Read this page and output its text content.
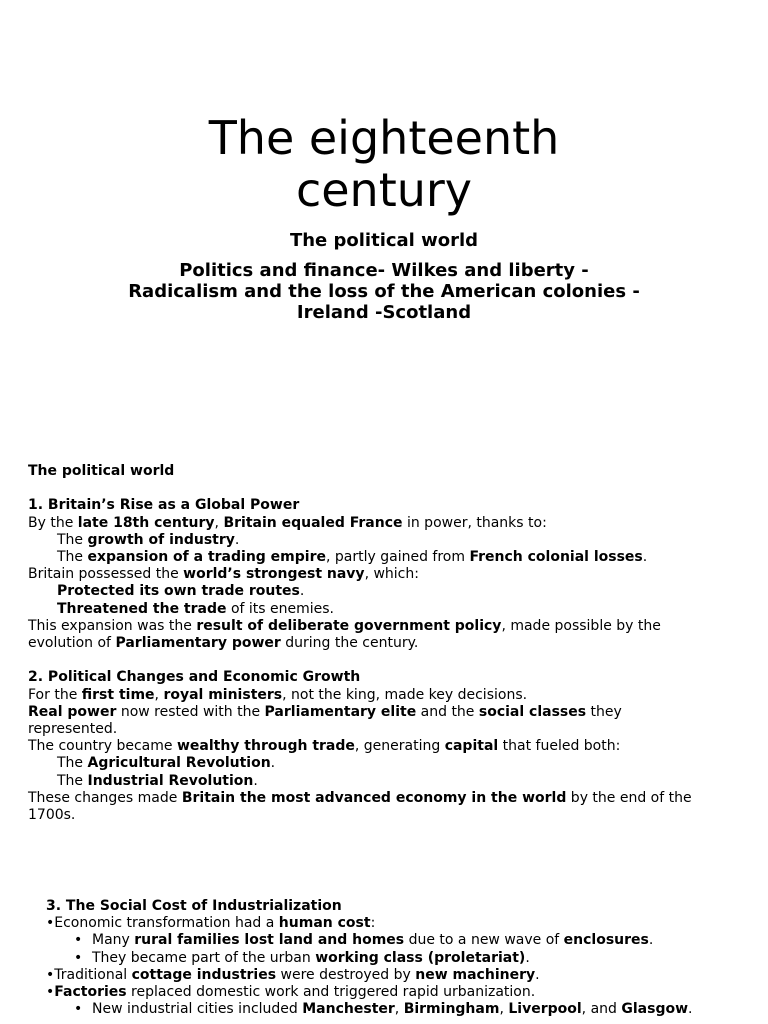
The eighteenth
century
The political world
Politics and finance- Wilkes and liberty -
Radicalism and the loss of the American colonies -
Ireland -Scotland

The political world

1. Britain’s Rise as a Global Power

By the late 18th century, Britain equaled France in power, thanks to:

The growth of industry.

The expansion of a trading empire, partly gained from French colonial losses.

Britain possessed the world’s strongest navy, which:

Protected its own trade routes.

Threatened the trade of its enemies.

This expansion was the result of deliberate government policy, made possible by the

evolution of Parliamentary power during the century.

2. Political Changes and Economic Growth

For the first time, royal ministers, not the king, made key decisions.

Real power now rested with the Parliamentary elite and the social classes they

represented.

The country became wealthy through trade, generating capital that fueled both:

The Agricultural Revolution.

The Industrial Revolution.

These changes made Britain the most advanced economy in the world by the end of the

1700s.

3. The Social Cost of Industrialization

•Economic transformation had a human cost:

• Many rural families lost land and homes due to a new wave of enclosures.

• They became part of the urban working class (proletariat).

•Traditional cottage industries were destroyed by new machinery.

•Factories replaced domestic work and triggered rapid urbanization.

• New industrial cities included Manchester, Birmingham, Liverpool, and Glasgow.
